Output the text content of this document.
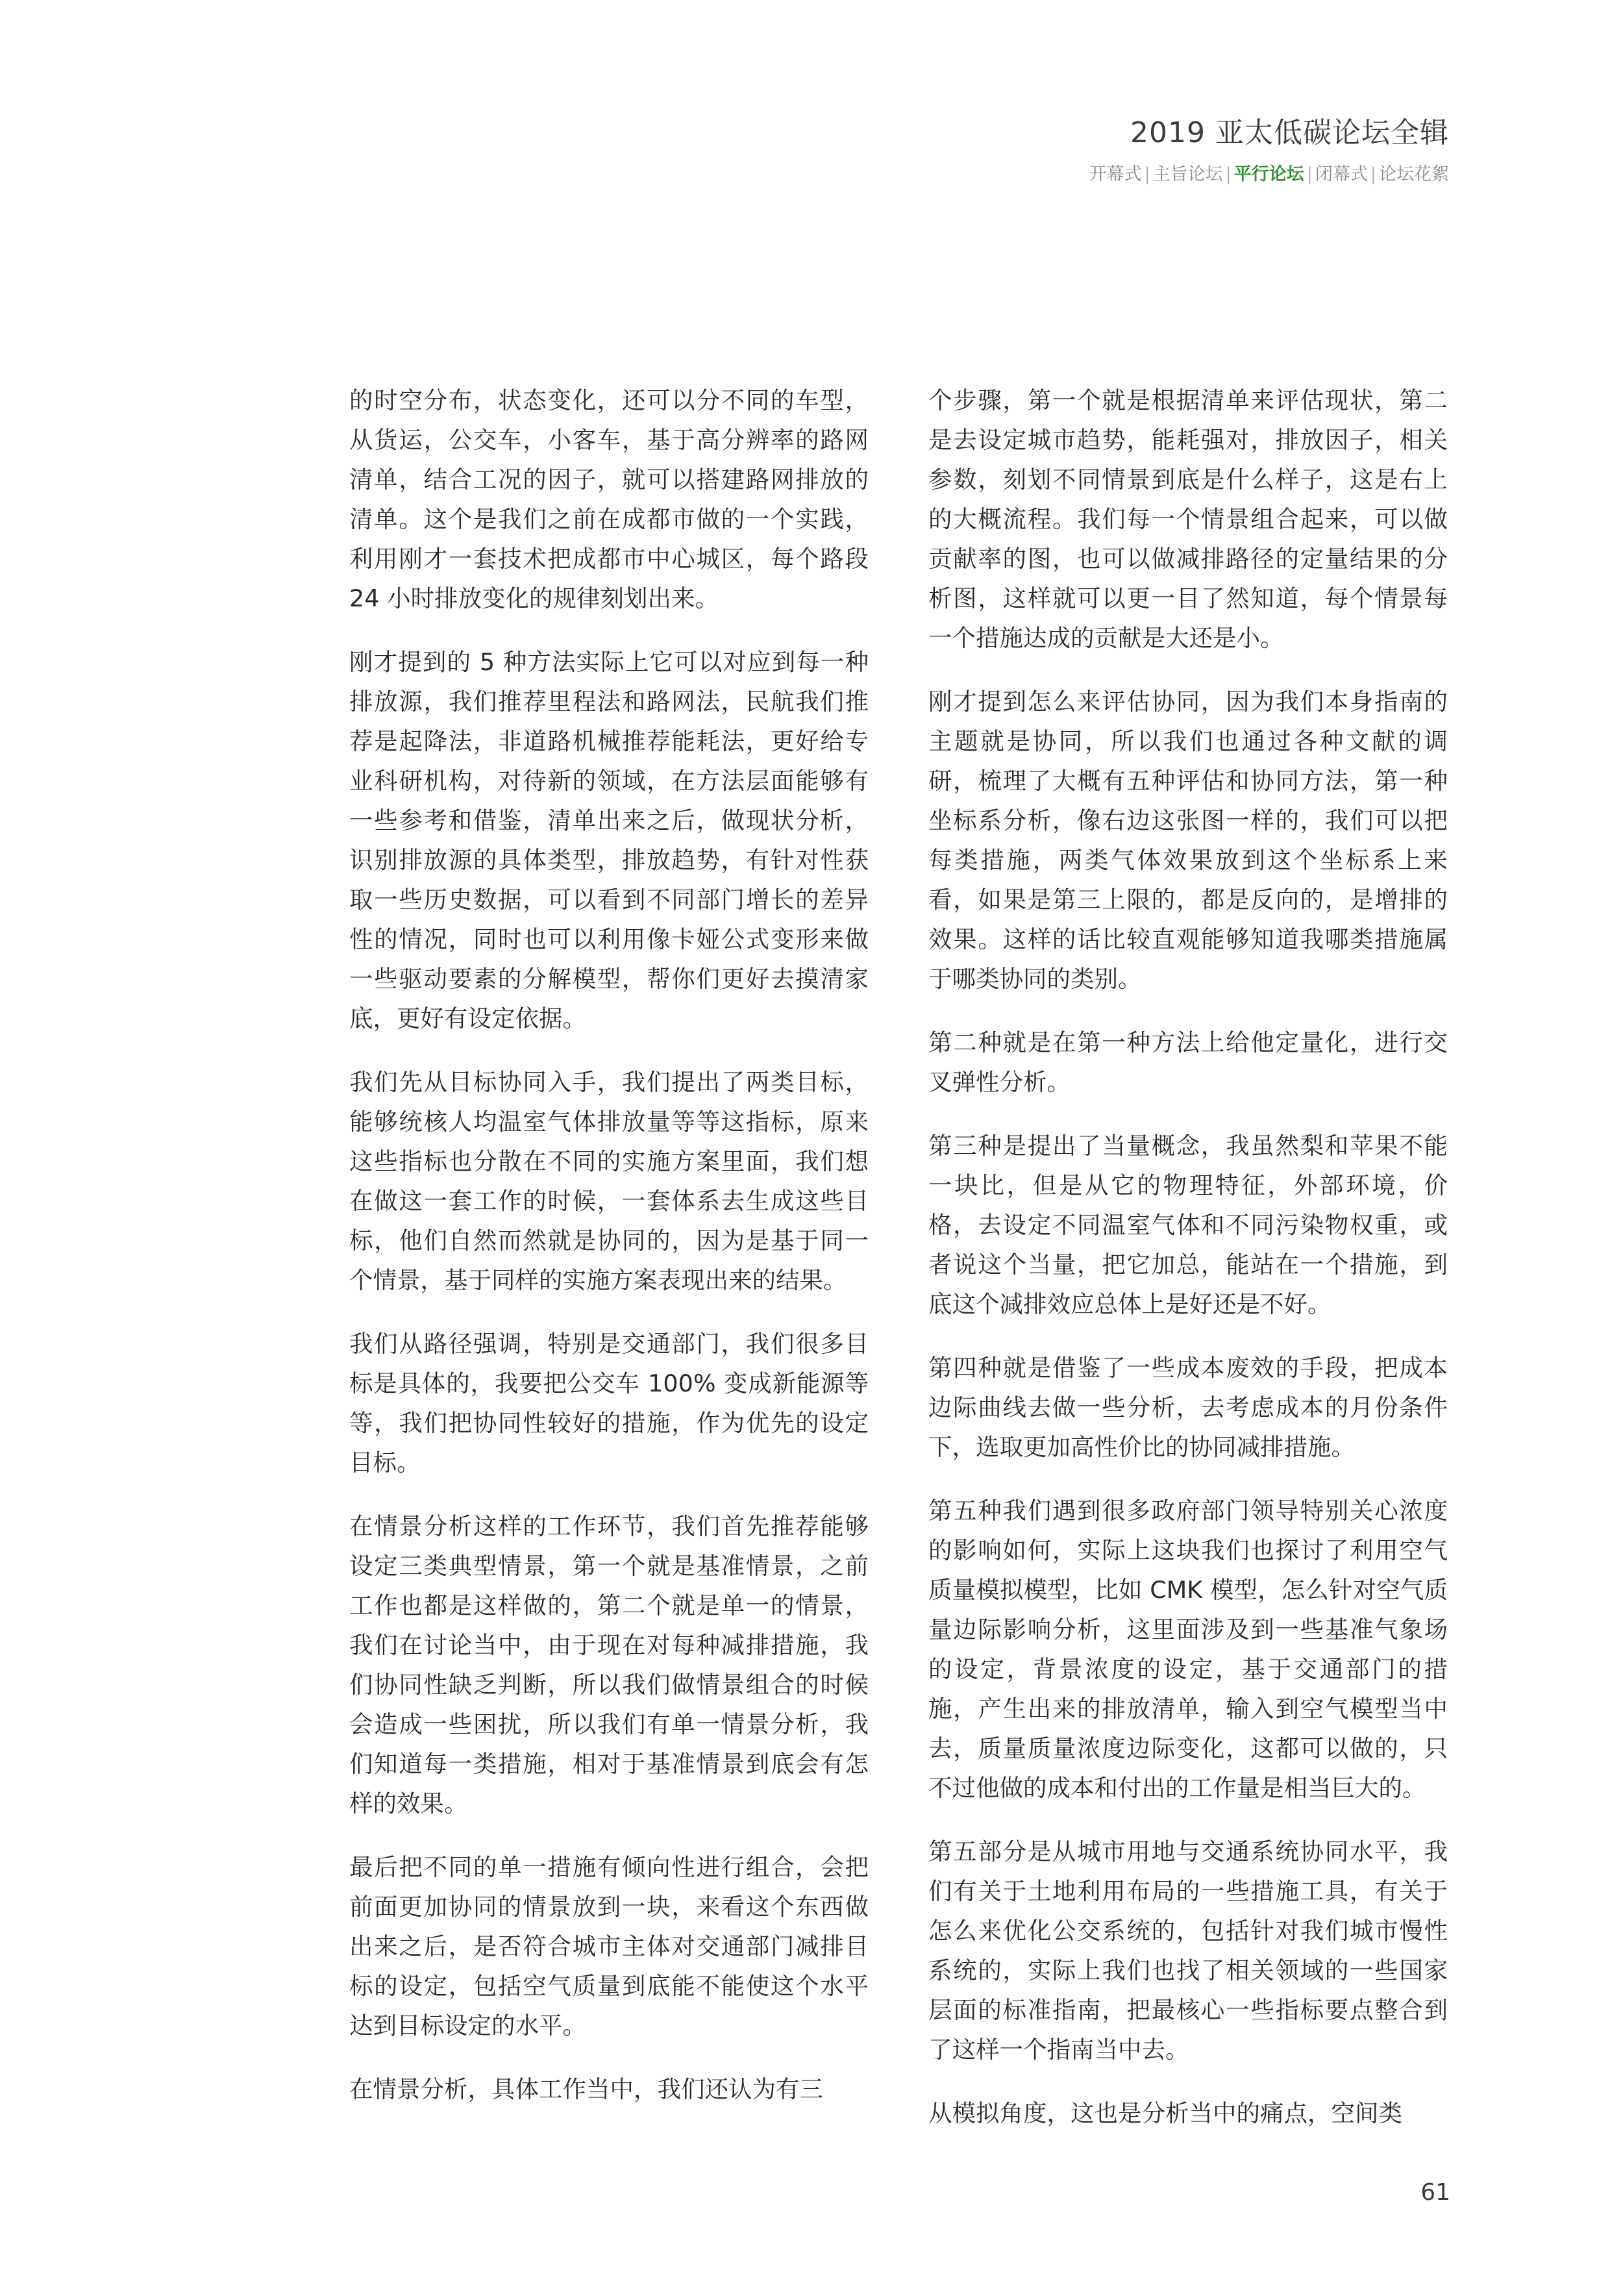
2019 亚太低碳论坛全辑
开幕式 | 主旨论坛 | 平行论坛 | 闭幕式 | 论坛花絮

的时空分布，状态变化，还可以分不同的车型，从货运，公交车，小客车，基于高分辨率的路网清单，结合工况的因子，就可以搭建路网排放的清单。这个是我们之前在成都市做的一个实践，利用刚才一套技术把成都市中心城区，每个路段 24 小时排放变化的规律刻划出来。

刚才提到的 5 种方法实际上它可以对应到每一种排放源，我们推荐里程法和路网法，民航我们推荐是起降法，非道路机械推荐能耗法，更好给专业科研机构，对待新的领域，在方法层面能够有一些参考和借鉴，清单出来之后，做现状分析，识别排放源的具体类型，排放趋势，有针对性获取一些历史数据，可以看到不同部门增长的差异性的情况，同时也可以利用像卡娅公式变形来做一些驱动要素的分解模型，帮你们更好去摸清家底，更好有设定依据。

我们先从目标协同入手，我们提出了两类目标，能够统核人均温室气体排放量等等这指标，原来这些指标也分散在不同的实施方案里面，我们想在做这一套工作的时候，一套体系去生成这些目标，他们自然而然就是协同的，因为是基于同一个情景，基于同样的实施方案表现出来的结果。

我们从路径强调，特别是交通部门，我们很多目标是具体的，我要把公交车 100% 变成新能源等等，我们把协同性较好的措施，作为优先的设定目标。

在情景分析这样的工作环节，我们首先推荐能够设定三类典型情景，第一个就是基准情景，之前工作也都是这样做的，第二个就是单一的情景，我们在讨论当中，由于现在对每种减排措施，我们协同性缺乏判断，所以我们做情景组合的时候会造成一些困扰，所以我们有单一情景分析，我们知道每一类措施，相对于基准情景到底会有怎样的效果。

最后把不同的单一措施有倾向性进行组合，会把前面更加协同的情景放到一块，来看这个东西做出来之后，是否符合城市主体对交通部门减排目标的设定，包括空气质量到底能不能使这个水平达到目标设定的水平。

在情景分析，具体工作当中，我们还认为有三

个步骤，第一个就是根据清单来评估现状，第二是去设定城市趋势，能耗强对，排放因子，相关参数，刻划不同情景到底是什么样子，这是右上的大概流程。我们每一个情景组合起来，可以做贡献率的图，也可以做减排路径的定量结果的分析图，这样就可以更一目了然知道，每个情景每一个措施达成的贡献是大还是小。

刚才提到怎么来评估协同，因为我们本身指南的主题就是协同，所以我们也通过各种文献的调研，梳理了大概有五种评估和协同方法，第一种坐标系分析，像右边这张图一样的，我们可以把每类措施，两类气体效果放到这个坐标系上来看，如果是第三上限的，都是反向的，是增排的效果。这样的话比较直观能够知道我哪类措施属于哪类协同的类别。

第二种就是在第一种方法上给他定量化，进行交叉弹性分析。

第三种是提出了当量概念，我虽然梨和苹果不能一块比，但是从它的物理特征，外部环境，价格，去设定不同温室气体和不同污染物权重，或者说这个当量，把它加总，能站在一个措施，到底这个减排效应总体上是好还是不好。

第四种就是借鉴了一些成本废效的手段，把成本边际曲线去做一些分析，去考虑成本的月份条件下，选取更加高性价比的协同减排措施。

第五种我们遇到很多政府部门领导特别关心浓度的影响如何，实际上这块我们也探讨了利用空气质量模拟模型，比如 CMK 模型，怎么针对空气质量边际影响分析，这里面涉及到一些基准气象场的设定，背景浓度的设定，基于交通部门的措施，产生出来的排放清单，输入到空气模型当中去，质量质量浓度边际变化，这都可以做的，只不过他做的成本和付出的工作量是相当巨大的。

第五部分是从城市用地与交通系统协同水平，我们有关于土地利用布局的一些措施工具，有关于怎么来优化公交系统的，包括针对我们城市慢性系统的，实际上我们也找了相关领域的一些国家层面的标准指南，把最核心一些指标要点整合到了这样一个指南当中去。

从模拟角度，这也是分析当中的痛点，空间类

61
